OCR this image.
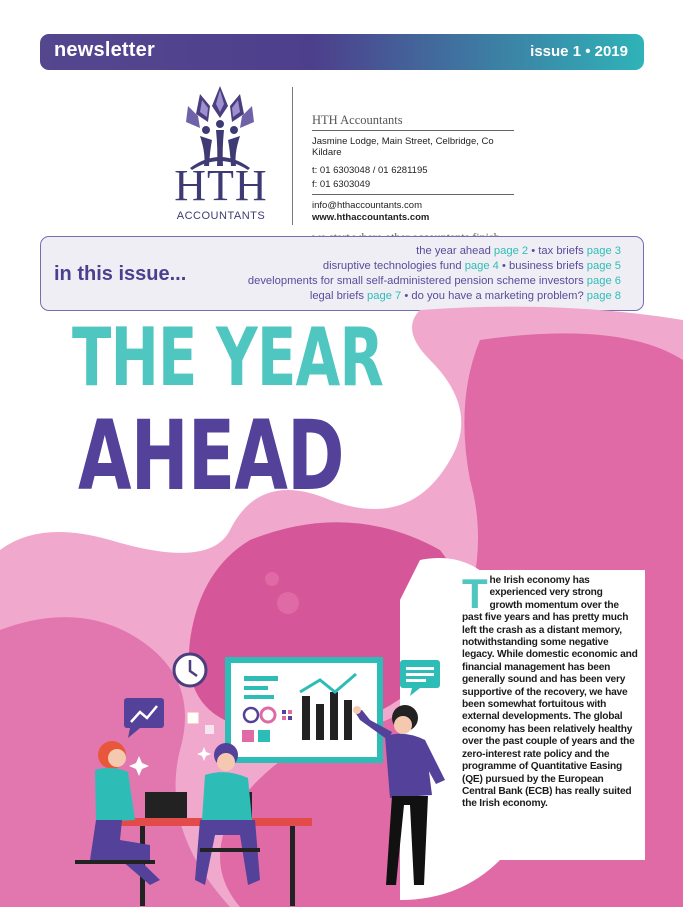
newsletter	issue 1 • 2019
HTH
ACCOUNTANTS
HTH Accountants
Jasmine Lodge, Main Street, Celbridge, Co Kildare
t: 01 6303048 / 01 6281195
f: 01 6303049
info@hthaccountants.com
www.hthaccountants.com
in this issue...
the year ahead page 2 • tax briefs page 3
disruptive technologies fund page 4 • business briefs page 5
developments for small self-administered pension scheme investors page 6
legal briefs page 7 • do you have a marketing problem? page 8
THE YEAR
AHEAD
The Irish economy has experienced very strong growth momentum over the past five years and has pretty much left the crash as a distant memory, notwithstanding some negative legacy. While domestic economic and financial management has been generally sound and has been very supportive of the recovery, we have been somewhat fortuitous with external developments. The global economy has been relatively healthy over the past couple of years and the zero-interest rate policy and the programme of Quantitative Easing (QE) pursued by the European Central Bank (ECB) has really suited the Irish economy.
